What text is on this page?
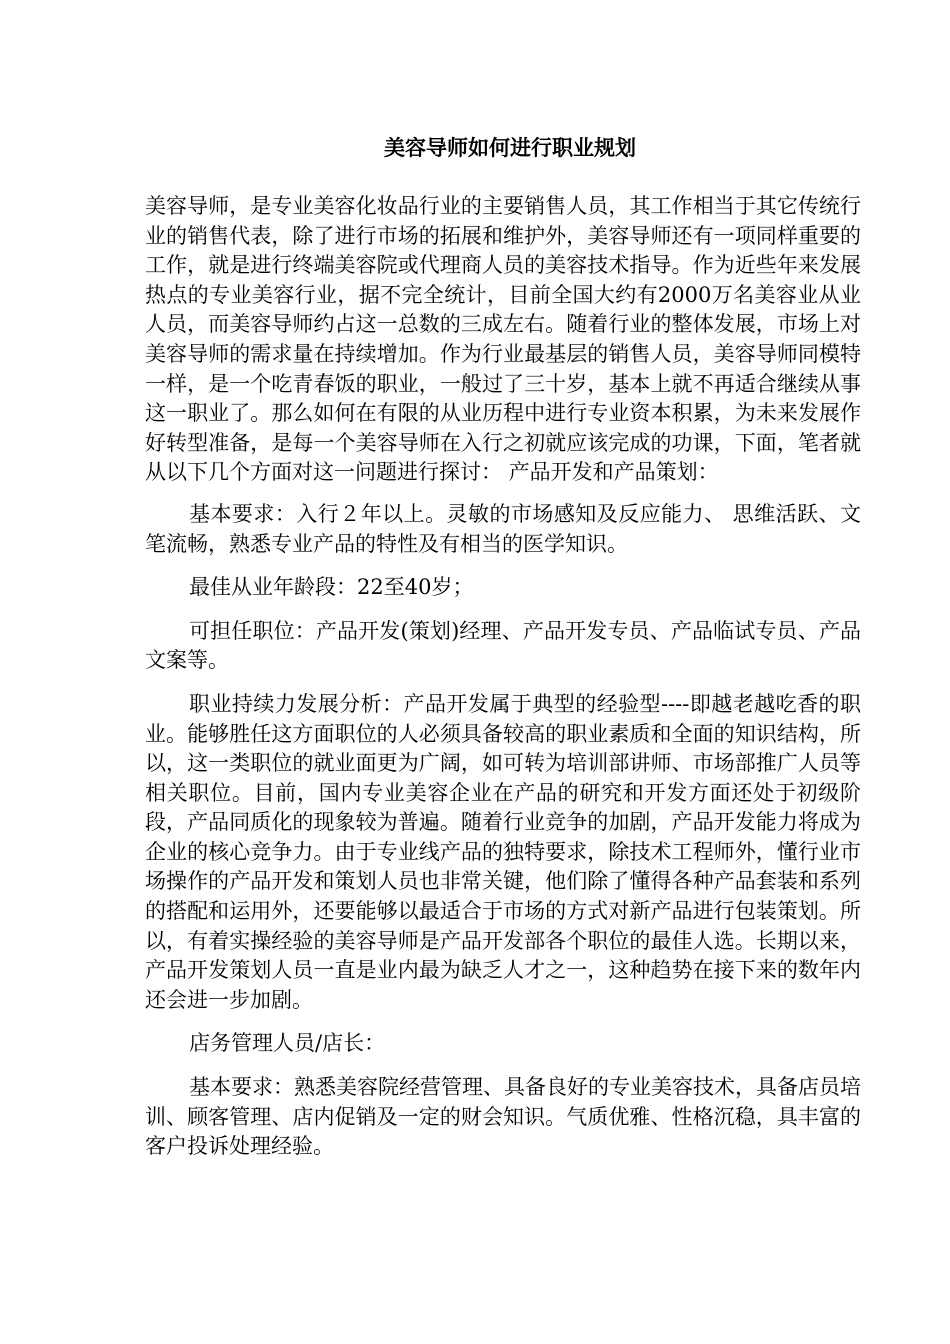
美容导师如何进行职业规划

美容导师，是专业美容化妆品行业的主要销售人员，其工作相当于其它传统行业的销售代表，除了进行市场的拓展和维护外，美容导师还有一项同样重要的工作，就是进行终端美容院或代理商人员的美容技术指导。作为近些年来发展热点的专业美容行业，据不完全统计，目前全国大约有2000万名美容业从业人员，而美容导师约占这一总数的三成左右。随着行业的整体发展，市场上对美容导师的需求量在持续增加。作为行业最基层的销售人员，美容导师同模特一样，是一个吃青春饭的职业，一般过了三十岁，基本上就不再适合继续从事这一职业了。那么如何在有限的从业历程中进行专业资本积累，为未来发展作好转型准备，是每一个美容导师在入行之初就应该完成的功课，下面，笔者就从以下几个方面对这一问题进行探讨： 产品开发和产品策划：

基本要求：入行２年以上。灵敏的市场感知及反应能力、 思维活跃、文笔流畅，熟悉专业产品的特性及有相当的医学知识。

最佳从业年龄段：22至40岁；

可担任职位：产品开发(策划)经理、产品开发专员、产品临试专员、产品文案等。

职业持续力发展分析：产品开发属于典型的经验型----即越老越吃香的职业。能够胜任这方面职位的人必须具备较高的职业素质和全面的知识结构，所以，这一类职位的就业面更为广阔，如可转为培训部讲师、市场部推广人员等相关职位。目前，国内专业美容企业在产品的研究和开发方面还处于初级阶段，产品同质化的现象较为普遍。随着行业竞争的加剧，产品开发能力将成为企业的核心竞争力。由于专业线产品的独特要求，除技术工程师外，懂行业市场操作的产品开发和策划人员也非常关键，他们除了懂得各种产品套装和系列的搭配和运用外，还要能够以最适合于市场的方式对新产品进行包装策划。所以，有着实操经验的美容导师是产品开发部各个职位的最佳人选。长期以来，产品开发策划人员一直是业内最为缺乏人才之一，这种趋势在接下来的数年内还会进一步加剧。

店务管理人员/店长：

基本要求：熟悉美容院经营管理、具备良好的专业美容技术，具备店员培训、顾客管理、店内促销及一定的财会知识。气质优雅、性格沉稳，具丰富的客户投诉处理经验。
